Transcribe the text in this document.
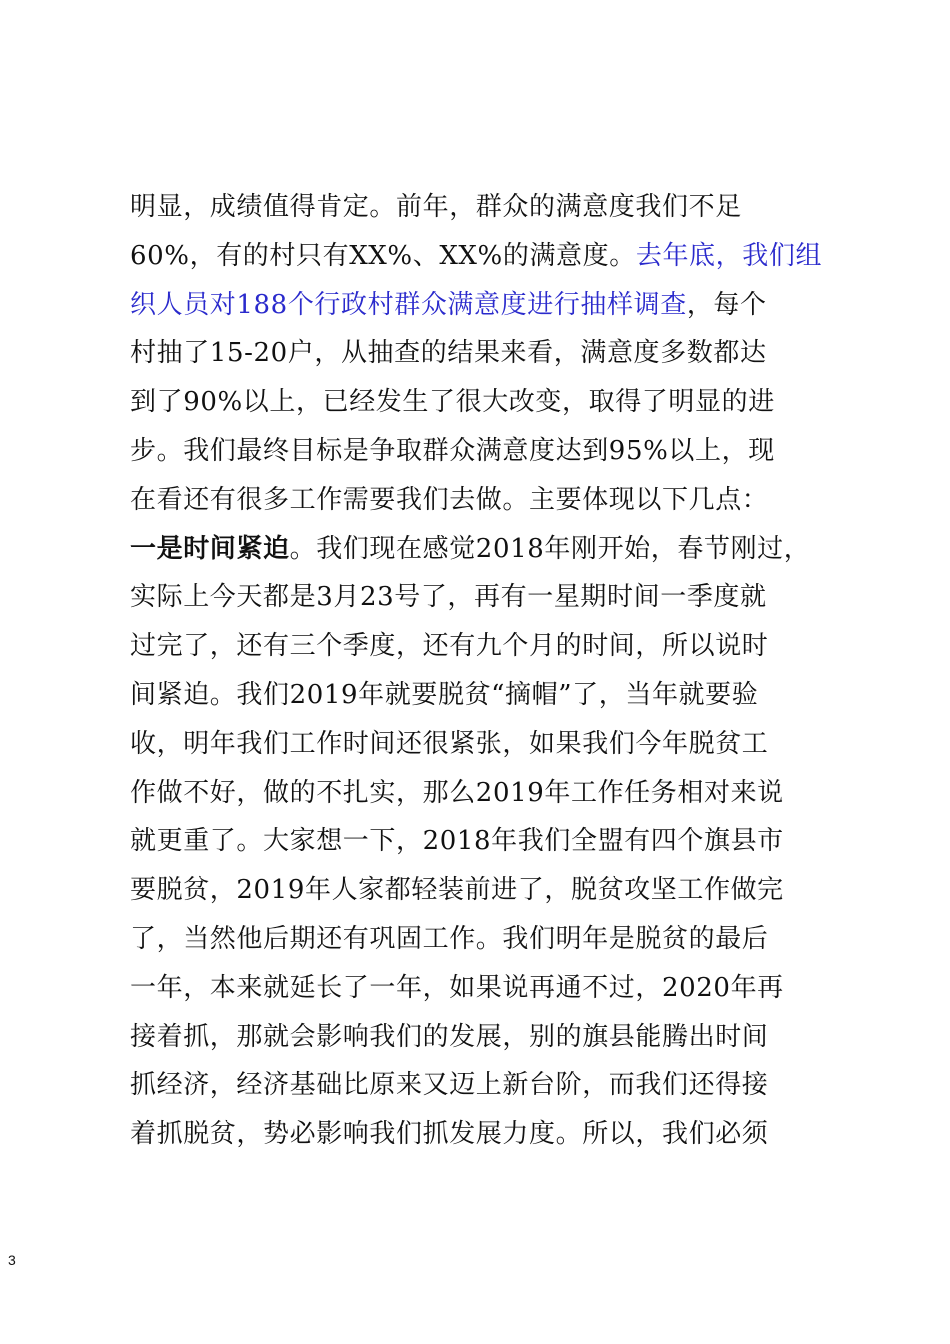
明显，成绩值得肯定。前年，群众的满意度我们不足
60%，有的村只有XX%、XX%的满意度。去年底，我们组
织人员对188个行政村群众满意度进行抽样调查，每个
村抽了15-20户，从抽查的结果来看，满意度多数都达
到了90%以上，已经发生了很大改变，取得了明显的进
步。我们最终目标是争取群众满意度达到95%以上，现
在看还有很多工作需要我们去做。主要体现以下几点：
一是时间紧迫。我们现在感觉2018年刚开始，春节刚过，
实际上今天都是3月23号了，再有一星期时间一季度就
过完了，还有三个季度，还有九个月的时间，所以说时
间紧迫。我们2019年就要脱贫“摘帽”了，当年就要验
收，明年我们工作时间还很紧张，如果我们今年脱贫工
作做不好，做的不扎实，那么2019年工作任务相对来说
就更重了。大家想一下，2018年我们全盟有四个旗县市
要脱贫，2019年人家都轻装前进了，脱贫攻坚工作做完
了，当然他后期还有巩固工作。我们明年是脱贫的最后
一年，本来就延长了一年，如果说再通不过，2020年再
接着抓，那就会影响我们的发展，别的旗县能腾出时间
抓经济，经济基础比原来又迈上新台阶，而我们还得接
着抓脱贫，势必影响我们抓发展力度。所以，我们必须
3
